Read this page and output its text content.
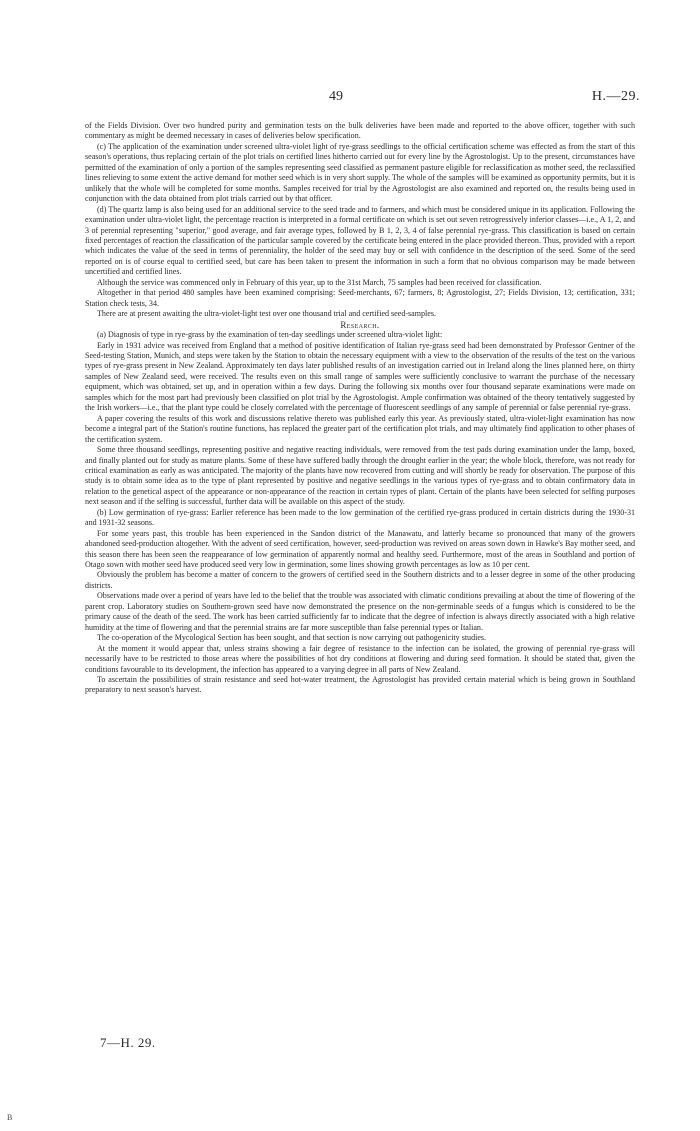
49	H.—29.

of the Fields Division. Over two hundred purity and germination tests on the bulk deliveries have been made and reported to the above officer, together with such commentary as might be deemed necessary in cases of deliveries below specification.

(c) The application of the examination under screened ultra-violet light of rye-grass seedlings to the official certification scheme was effected as from the start of this season's operations, thus replacing certain of the plot trials on certified lines hitherto carried out for every line by the Agrostologist. Up to the present, circumstances have permitted of the examination of only a portion of the samples representing seed classified as permanent pasture eligible for reclassification as mother seed, the reclassified lines relieving to some extent the active demand for mother seed which is in very short supply. The whole of the samples will be examined as opportunity permits, but it is unlikely that the whole will be completed for some months. Samples received for trial by the Agrostologist are also examined and reported on, the results being used in conjunction with the data obtained from plot trials carried out by that officer.

(d) The quartz lamp is also being used for an additional service to the seed trade and to farmers, and which must be considered unique in its application. Following the examination under ultra-violet light, the percentage reaction is interpreted in a formal certificate on which is set out seven retrogressively inferior classes—i.e., A 1, 2, and 3 of perennial representing "superior," good average, and fair average types, followed by B 1, 2, 3, 4 of false perennial rye-grass. This classification is based on certain fixed percentages of reaction the classification of the particular sample covered by the certificate being entered in the place provided thereon. Thus, provided with a report which indicates the value of the seed in terms of perenniality, the holder of the seed may buy or sell with confidence in the description of the seed. Some of the seed reported on is of course equal to certified seed, but care has been taken to present the information in such a form that no obvious comparison may be made between uncertified and certified lines.

Although the service was commenced only in February of this year, up to the 31st March, 75 samples had been received for classification.

Altogether in that period 480 samples have been examined comprising: Seed-merchants, 67; farmers, 8; Agrostologist, 27; Fields Division, 13; certification, 331; Station check tests, 34.

There are at present awaiting the ultra-violet-light test over one thousand trial and certified seed-samples.

Research.

(a) Diagnosis of type in rye-grass by the examination of ten-day seedlings under screened ultra-violet light:

Early in 1931 advice was received from England that a method of positive identification of Italian rye-grass seed had been demonstrated by Professor Gentner of the Seed-testing Station, Munich, and steps were taken by the Station to obtain the necessary equipment with a view to the observation of the results of the test on the various types of rye-grass present in New Zealand. Approximately ten days later published results of an investigation carried out in Ireland along the lines planned here, on thirty samples of New Zealand seed, were received. The results even on this small range of samples were sufficiently conclusive to warrant the purchase of the necessary equipment, which was obtained, set up, and in operation within a few days. During the following six months over four thousand separate examinations were made on samples which for the most part had previously been classified on plot trial by the Agrostologist. Ample confirmation was obtained of the theory tentatively suggested by the Irish workers—i.e., that the plant type could be closely correlated with the percentage of fluorescent seedlings of any sample of perennial or false perennial rye-grass.

A paper covering the results of this work and discussions relative thereto was published early this year. As previously stated, ultra-violet-light examination has now become a integral part of the Station's routine functions, has replaced the greater part of the certification plot trials, and may ultimately find application to other phases of the certification system.

Some three thousand seedlings, representing positive and negative reacting individuals, were removed from the test pads during examination under the lamp, boxed, and finally planted out for study as mature plants. Some of these have suffered badly through the drought earlier in the year; the whole block, therefore, was not ready for critical examination as early as was anticipated. The majority of the plants have now recovered from cutting and will shortly be ready for observation. The purpose of this study is to obtain some idea as to the type of plant represented by positive and negative seedlings in the various types of rye-grass and to obtain confirmatory data in relation to the genetical aspect of the appearance or non-appearance of the reaction in certain types of plant. Certain of the plants have been selected for selfing purposes next season and if the selfing is successful, further data will be available on this aspect of the study.

(b) Low germination of rye-grass: Earlier reference has been made to the low germination of the certified rye-grass produced in certain districts during the 1930-31 and 1931-32 seasons.

For some years past, this trouble has been experienced in the Sandon district of the Manawatu, and latterly became so pronounced that many of the growers abandoned seed-production altogether. With the advent of seed certification, however, seed-production was revived on areas sown down in Hawke's Bay mother seed, and this season there has been seen the reappearance of low germination of apparently normal and healthy seed. Furthermore, most of the areas in Southland and portion of Otago sown with mother seed have produced seed very low in germination, some lines showing growth percentages as low as 10 per cent.

Obviously the problem has become a matter of concern to the growers of certified seed in the Southern districts and to a lesser degree in some of the other producing districts.

Observations made over a period of years have led to the belief that the trouble was associated with climatic conditions prevailing at about the time of flowering of the parent crop. Laboratory studies on Southern-grown seed have now demonstrated the presence on the non-germinable seeds of a fungus which is considered to be the primary cause of the death of the seed. The work has been carried sufficiently far to indicate that the degree of infection is always directly associated with a high relative humidity at the time of flowering and that the perennial strains are far more susceptible than false perennial types or Italian.

The co-operation of the Mycological Section has been sought, and that section is now carrying out pathogenicity studies.

At the moment it would appear that, unless strains showing a fair degree of resistance to the infection can be isolated, the growing of perennial rye-grass will necessarily have to be restricted to those areas where the possibilities of hot dry conditions at flowering and during seed formation. It should be stated that, given the conditions favourable to its development, the infection has appeared to a varying degree in all parts of New Zealand.

To ascertain the possibilities of strain resistance and seed hot-water treatment, the Agrostologist has provided certain material which is being grown in Southland preparatory to next season's harvest.

7—H. 29.
B
